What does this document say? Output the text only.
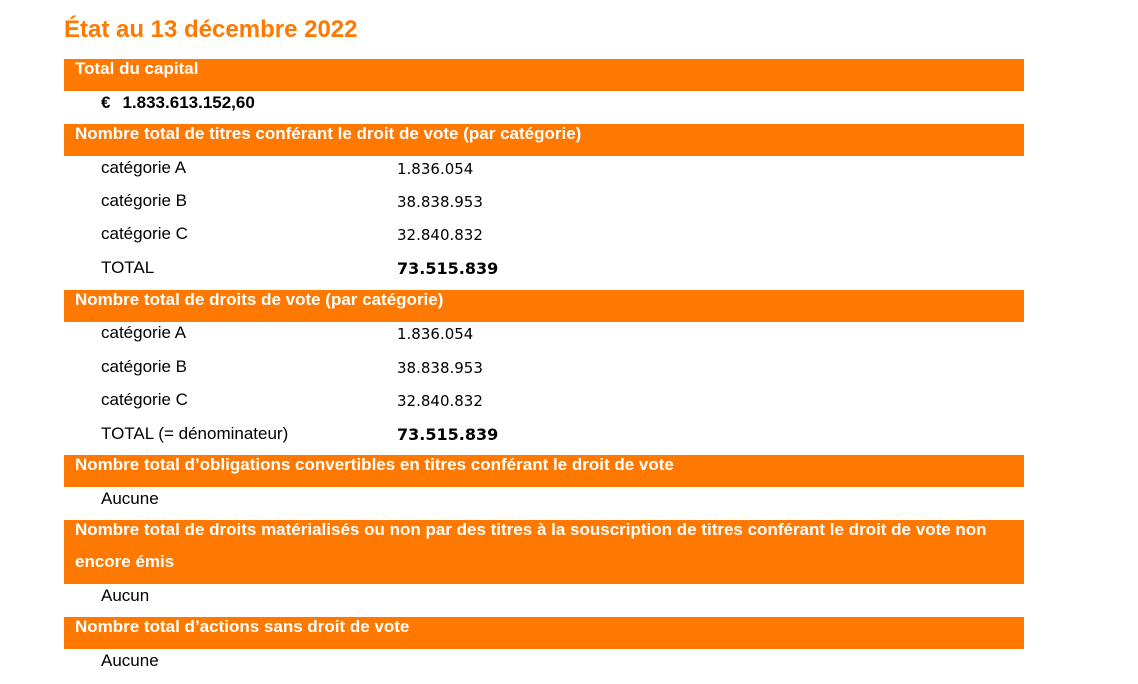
État au 13 décembre 2022
Total du capital
€ 1.833.613.152,60
Nombre total de titres conférant le droit de vote (par catégorie)
catégorie A	1.836.054
catégorie B	38.838.953
catégorie C	32.840.832
TOTAL	73.515.839
Nombre total de droits de vote (par catégorie)
catégorie A	1.836.054
catégorie B	38.838.953
catégorie C	32.840.832
TOTAL (= dénominateur)	73.515.839
Nombre total d’obligations convertibles en titres conférant le droit de vote
Aucune
Nombre total de droits matérialisés ou non par des titres à la souscription de titres conférant le droit de vote non encore émis
Aucun
Nombre total d’actions sans droit de vote
Aucune
